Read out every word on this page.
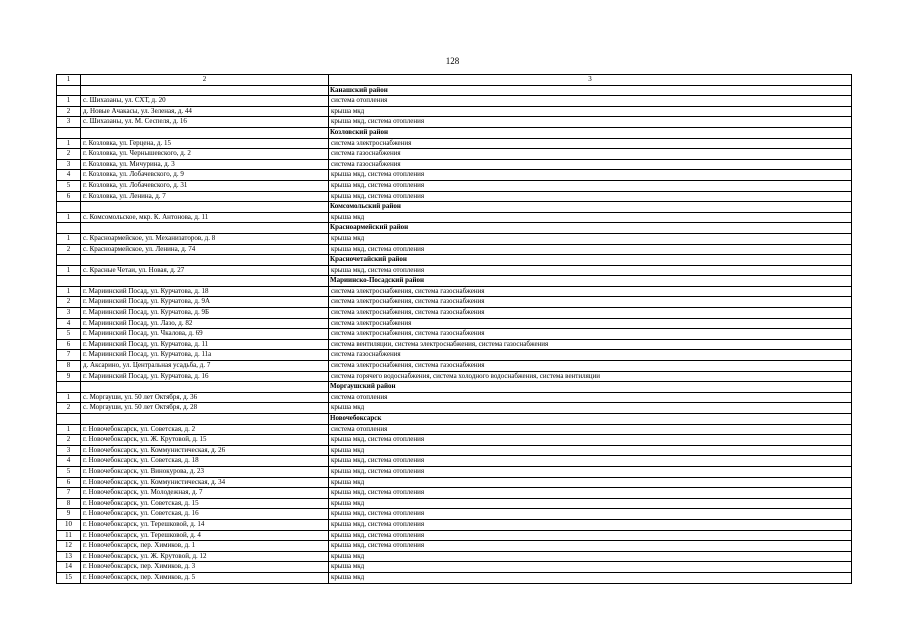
128
1	2	3
		Канашский район
1	с. Шихазаны, ул. СХТ, д. 20	система отопления
2	д. Новые Ачакасы, ул. Зеленая, д. 44	крыша мкд
3	с. Шихазаны, ул. М. Сеспеля, д. 16	крыша мкд, система отопления
		Козловский район
1	г. Козловка, ул. Герцена, д. 15	система электроснабжения
2	г. Козловка, ул. Чернышевского, д. 2	система газоснабжения
3	г. Козловка, ул. Мичурина, д. 3	система газоснабжения
4	г. Козловка, ул. Лобачевского, д. 9	крыша мкд, система отопления
5	г. Козловка, ул. Лобачевского, д. 31	крыша мкд, система отопления
6	г. Козловка, ул. Ленина, д. 7	крыша мкд, система отопления
		Комсомольский район
1	с. Комсомольское, мкр. К. Антонова, д. 11	крыша мкд
		Красноармейский район
1	с. Красноармейское, ул. Механизаторов, д. 8	крыша мкд
2	с. Красноармейское, ул. Ленина, д. 74	крыша мкд, система отопления
		Красночетайский район
1	с. Красные Четаи, ул. Новая, д. 27	крыша мкд, система отопления
		Мариинско-Посадский район
1	г. Мариинский Посад, ул. Курчатова, д. 18	система электроснабжения, система газоснабжения
2	г. Мариинский Посад, ул. Курчатова, д. 9А	система электроснабжения, система газоснабжения
3	г. Мариинский Посад, ул. Курчатова, д. 9Б	система электроснабжения, система газоснабжения
4	г. Мариинский Посад, ул. Лазо, д. 82	система электроснабжения
5	г. Мариинский Посад, ул. Чкалова, д. 69	система электроснабжения, система газоснабжения
6	г. Мариинский Посад, ул. Курчатова, д. 11	система вентиляции, система электроснабжения, система газоснабжения
7	г. Мариинский Посад, ул. Курчатова, д. 11а	система газоснабжения
8	д. Аксарино, ул. Центральная усадьба, д. 7	система электроснабжения, система газоснабжения
9	г. Мариинский Посад, ул. Курчатова, д. 16	система горячего водоснабжения, система холодного водоснабжения, система вентиляции
		Моргаушский район
1	с. Моргауши, ул. 50 лет Октября, д. 36	система отопления
2	с. Моргауши, ул. 50 лет Октября, д. 28	крыша мкд
		Новочебоксарск
1	г. Новочебоксарск, ул. Советская, д. 2	система отопления
2	г. Новочебоксарск, ул. Ж. Крутовой, д. 15	крыша мкд, система отопления
3	г. Новочебоксарск, ул. Коммунистическая, д. 26	крыша мкд
4	г. Новочебоксарск, ул. Советская, д. 18	крыша мкд, система отопления
5	г. Новочебоксарск, ул. Винокурова, д. 23	крыша мкд, система отопления
6	г. Новочебоксарск, ул. Коммунистическая, д. 34	крыша мкд
7	г. Новочебоксарск, ул. Молодежная, д. 7	крыша мкд, система отопления
8	г. Новочебоксарск, ул. Советская, д. 15	крыша мкд
9	г. Новочебоксарск, ул. Советская, д. 16	крыша мкд, система отопления
10	г. Новочебоксарск, ул. Терешковой, д. 14	крыша мкд, система отопления
11	г. Новочебоксарск, ул. Терешковой, д. 4	крыша мкд, система отопления
12	г. Новочебоксарск, пер. Химиков, д. 1	крыша мкд, система отопления
13	г. Новочебоксарск, ул. Ж. Крутовой, д. 12	крыша мкд
14	г. Новочебоксарск, пер. Химиков, д. 3	крыша мкд
15	г. Новочебоксарск, пер. Химиков, д. 5	крыша мкд
